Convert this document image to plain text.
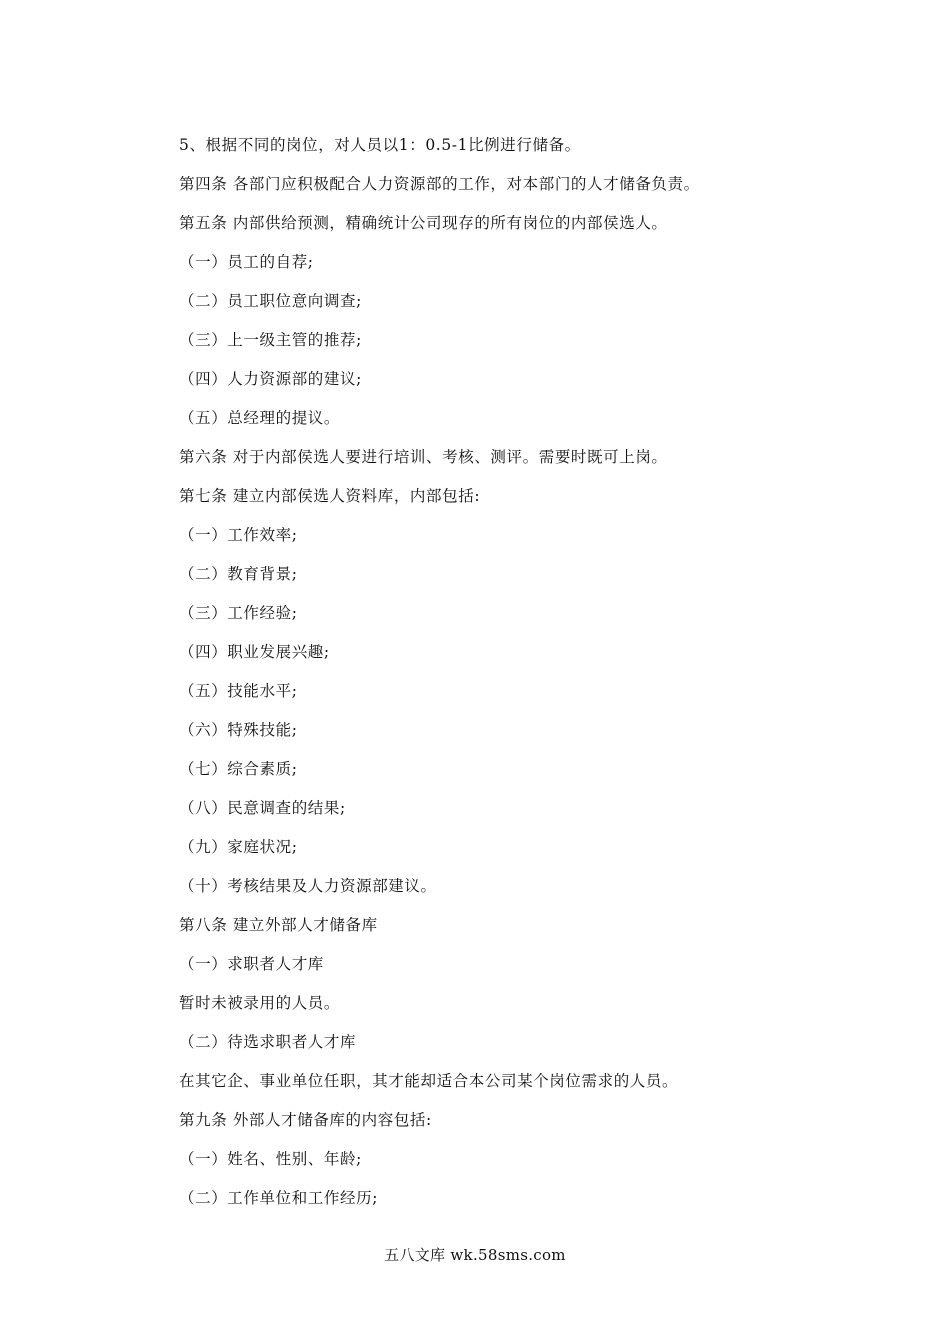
5、根据不同的岗位，对人员以1：0.5-1比例进行储备。
第四条 各部门应积极配合人力资源部的工作，对本部门的人才储备负责。
第五条 内部供给预测，精确统计公司现存的所有岗位的内部侯选人。
（一）员工的自荐;
（二）员工职位意向调查;
（三）上一级主管的推荐;
（四）人力资源部的建议;
（五）总经理的提议。
第六条 对于内部侯选人要进行培训、考核、测评。需要时既可上岗。
第七条 建立内部侯选人资料库，内部包括:
（一）工作效率;
（二）教育背景;
（三）工作经验;
（四）职业发展兴趣;
（五）技能水平;
（六）特殊技能;
（七）综合素质;
（八）民意调查的结果;
（九）家庭状况;
（十）考核结果及人力资源部建议。
第八条 建立外部人才储备库
（一）求职者人才库
暂时未被录用的人员。
（二）待选求职者人才库
在其它企、事业单位任职，其才能却适合本公司某个岗位需求的人员。
第九条 外部人才储备库的内容包括:
（一）姓名、性别、年龄;
（二）工作单位和工作经历;
五八文库 wk.58sms.com
